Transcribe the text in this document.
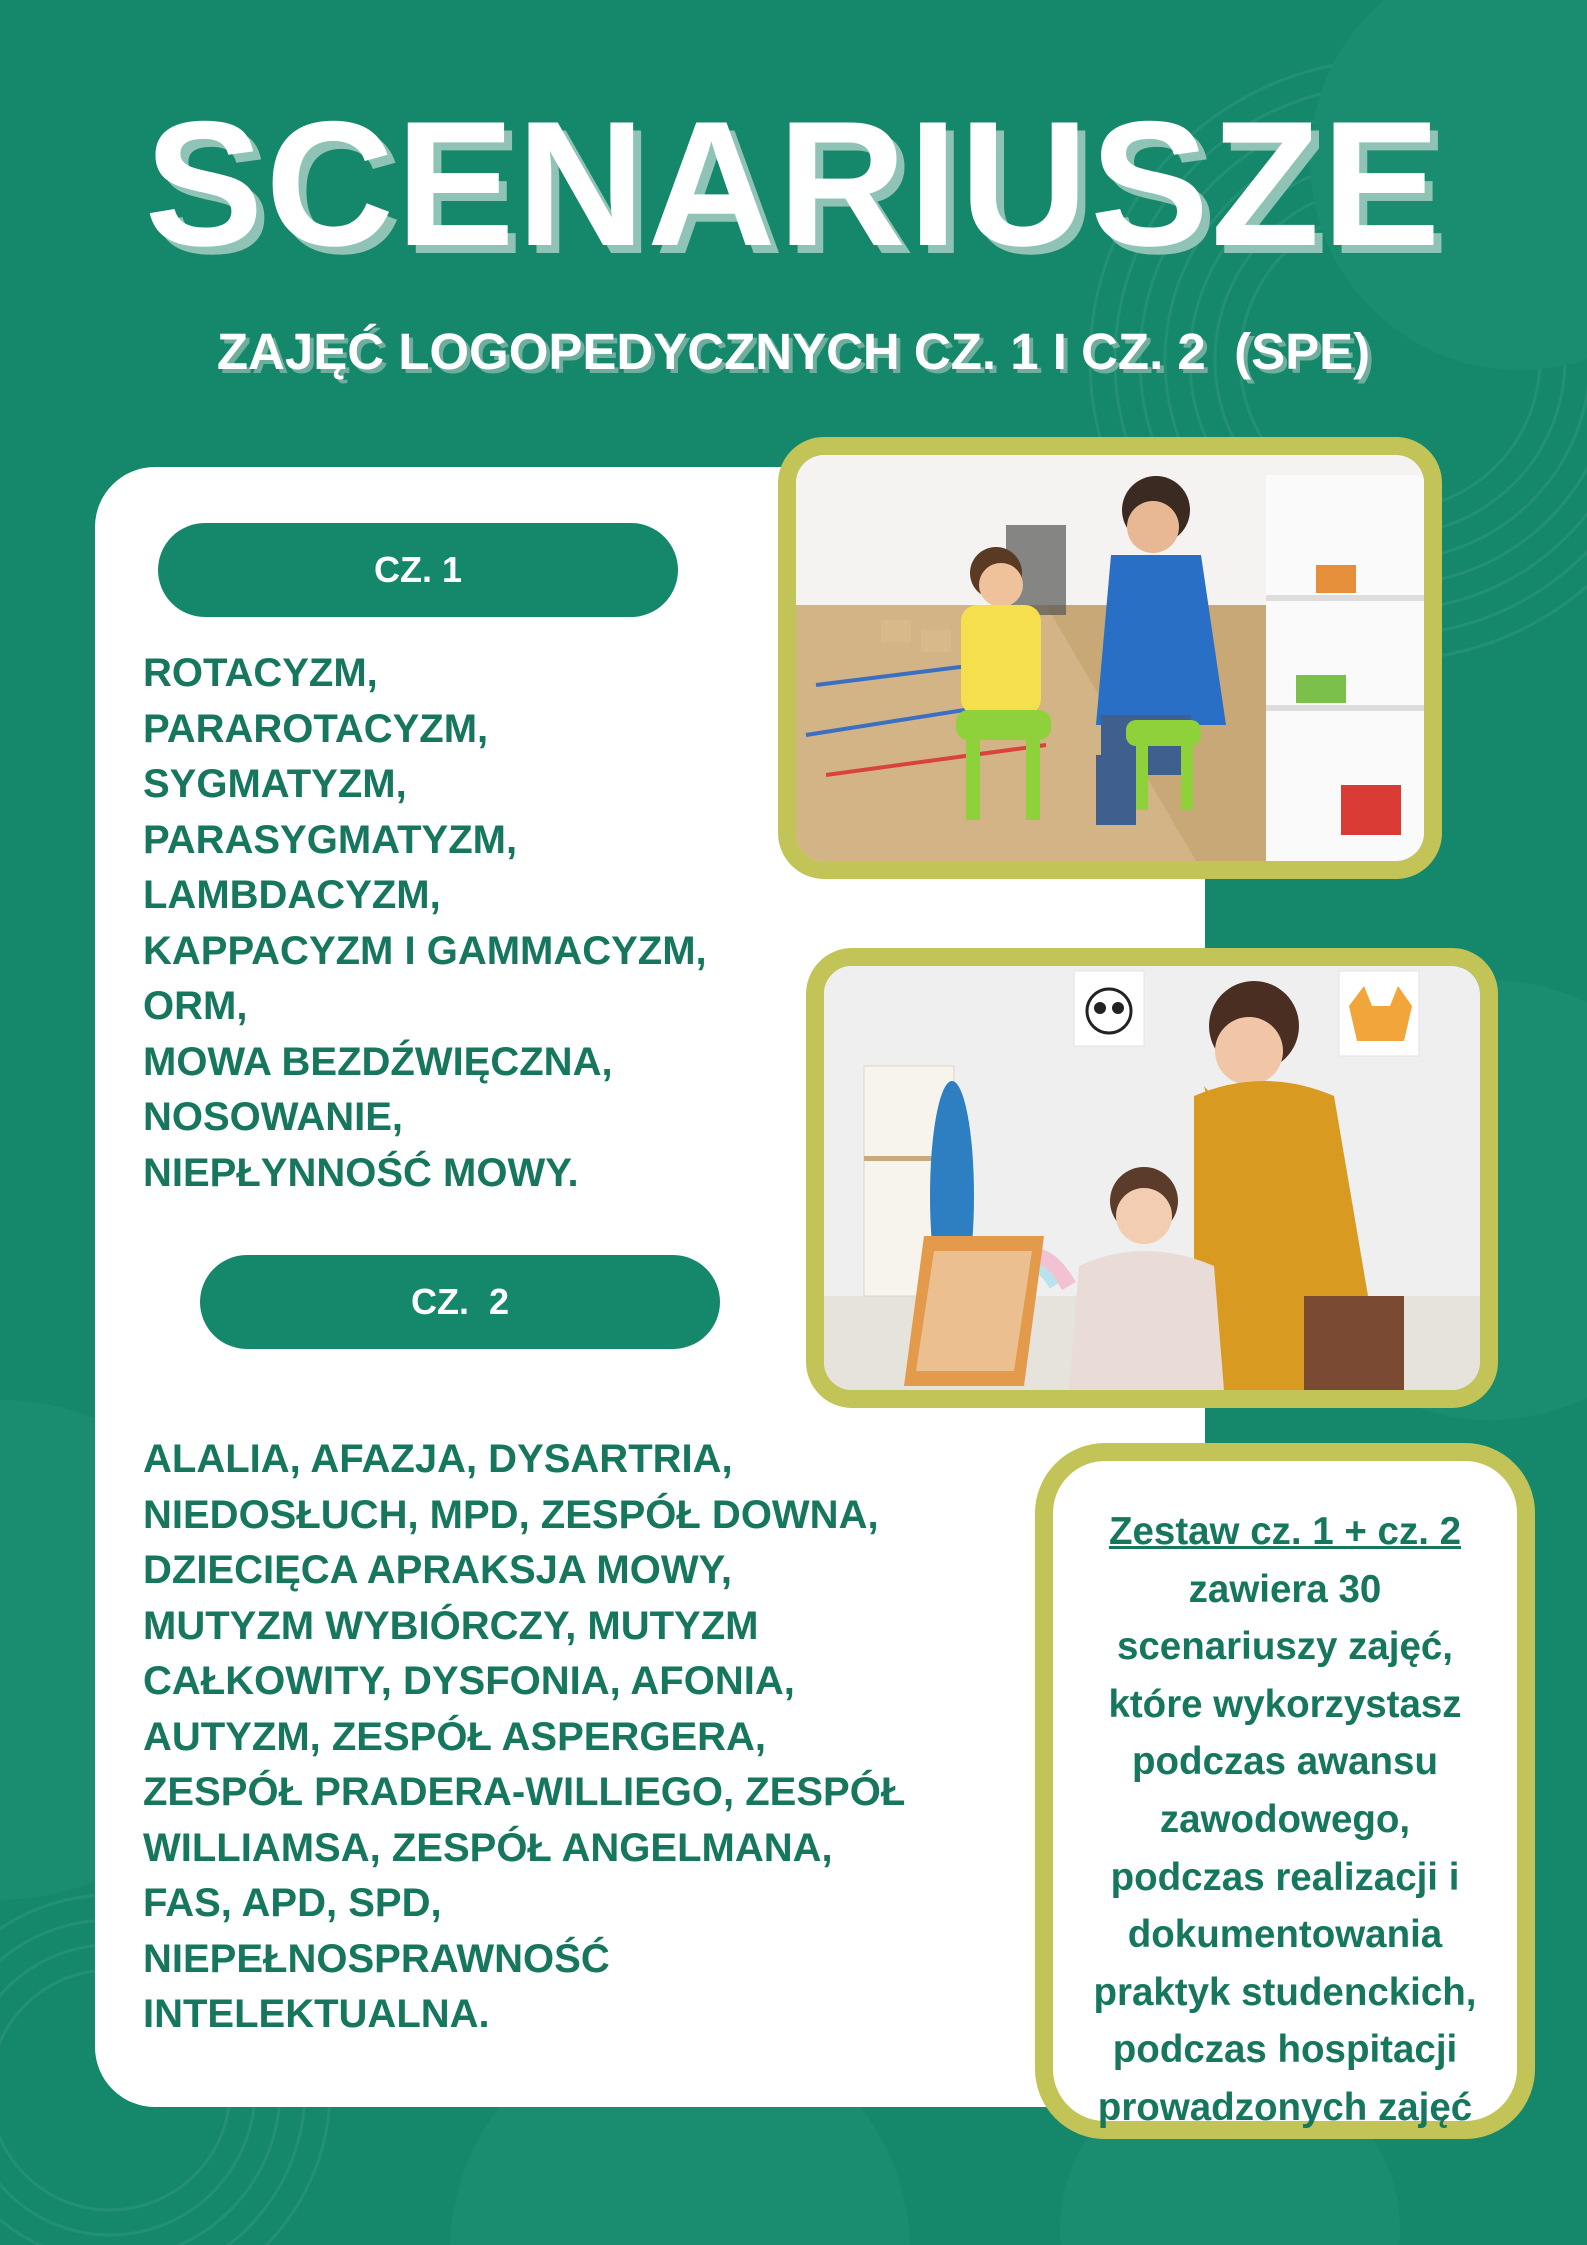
SCENARIUSZE
ZAJĘĆ LOGOPEDYCZNYCH CZ. 1 I CZ. 2  (SPE)
CZ. 1
ROTACYZM,
PARAROTACYZM,
SYGMATYZM,
PARASYGMATYZM,
LAMBDACYZM,
KAPPACYZM I GAMMACYZM,
ORM,
MOWA BEZDŹWIĘCZNA,
NOSOWANIE,
NIEPŁYNNOŚĆ MOWY.
CZ.  2
ALALIA, AFAZJA, DYSARTRIA,
NIEDOSŁUCH, MPD, ZESPÓŁ DOWNA,
DZIECIĘCA APRAKSJA MOWY,
MUTYZM WYBIÓRCZY, MUTYZM
CAŁKOWITY, DYSFONIA, AFONIA,
AUTYZM, ZESPÓŁ ASPERGERA,
ZESPÓŁ PRADERA-WILLIEGO, ZESPÓŁ
WILLIAMSA, ZESPÓŁ ANGELMANA,
FAS, APD, SPD,
NIEPEŁNOSPRAWNOŚĆ
INTELEKTUALNA.
Zestaw cz. 1 + cz. 2
zawiera 30
scenariuszy zajęć,
które wykorzystasz
podczas awansu
zawodowego,
podczas realizacji i
dokumentowania
praktyk studenckich,
podczas hospitacji
prowadzonych zajęć
